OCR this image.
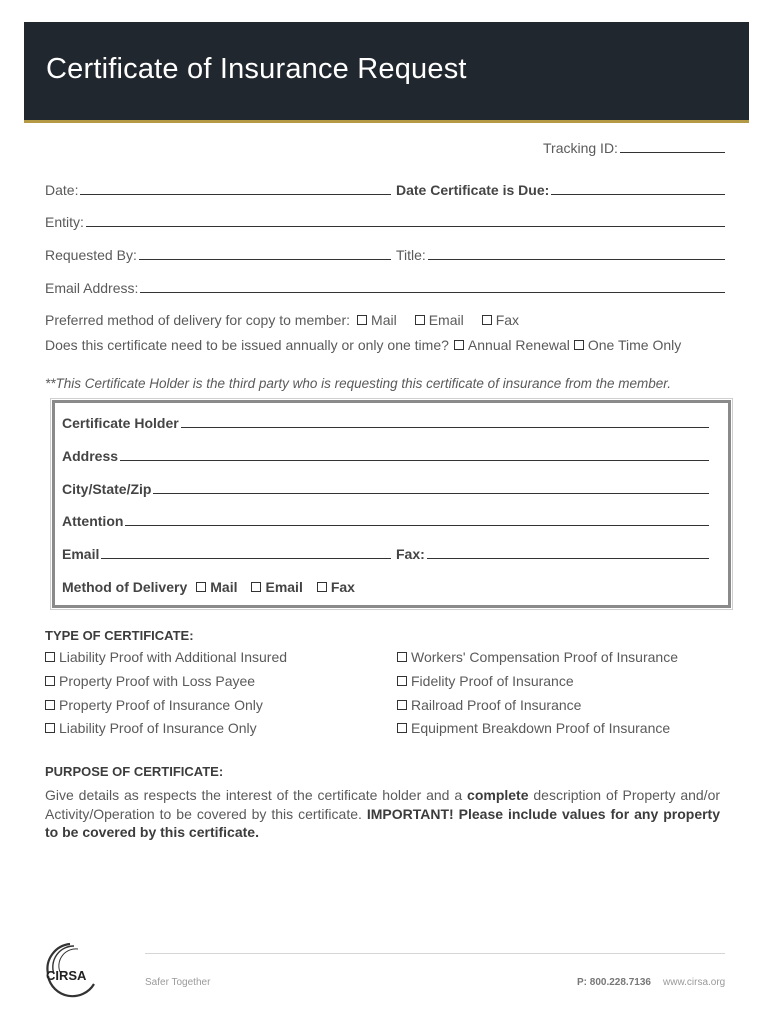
Certificate of Insurance Request
Tracking ID:
Date:	Date Certificate is Due:
Entity:
Requested By:	Title:
Email Address:
Preferred method of delivery for copy to member: Mail Email Fax
Does this certificate need to be issued annually or only one time? Annual Renewal One Time Only
**This Certificate Holder is the third party who is requesting this certificate of insurance from the member.
Certificate Holder
Address
City/State/Zip
Attention
Email	Fax:
Method of Delivery Mail Email Fax
TYPE OF CERTIFICATE:
Liability Proof with Additional Insured
Property Proof with Loss Payee
Property Proof of Insurance Only
Liability Proof of Insurance Only
Workers' Compensation Proof of Insurance
Fidelity Proof of Insurance
Railroad Proof of Insurance
Equipment Breakdown Proof of Insurance
PURPOSE OF CERTIFICATE:
Give details as respects the interest of the certificate holder and a complete description of Property and/or Activity/Operation to be covered by this certificate. IMPORTANT! Please include values for any property to be covered by this certificate.
CIRSA	Safer Together	P: 800.228.7136 www.cirsa.org
